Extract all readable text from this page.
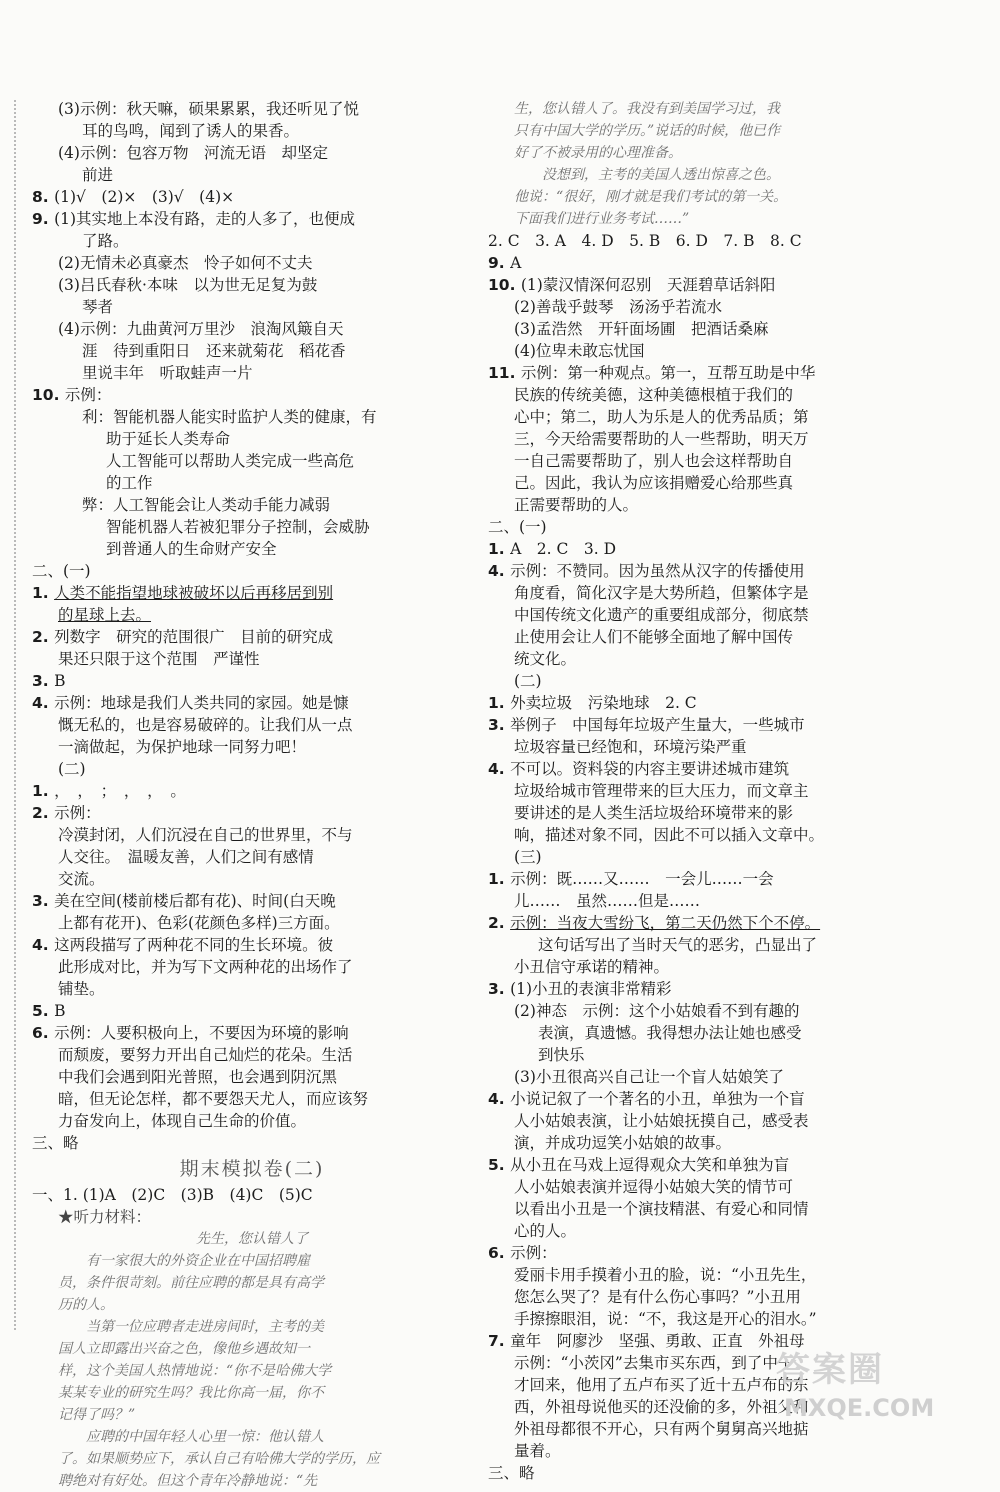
(3)示例：秋天嘛，硕果累累，我还听见了悦
耳的鸟鸣，闻到了诱人的果香。
(4)示例：包容万物　河流无语　却坚定
前进
8. (1)√　(2)×　(3)√　(4)×
9. (1)其实地上本没有路，走的人多了，也便成
了路。
(2)无情未必真豪杰　怜子如何不丈夫
(3)吕氏春秋·本味　以为世无足复为鼓
琴者
(4)示例：九曲黄河万里沙　浪淘风簸自天
涯　待到重阳日　还来就菊花　稻花香
里说丰年　听取蛙声一片
10. 示例：
利：智能机器人能实时监护人类的健康，有
助于延长人类寿命
人工智能可以帮助人类完成一些高危
的工作
弊：人工智能会让人类动手能力减弱
智能机器人若被犯罪分子控制，会威胁
到普通人的生命财产安全
二、(一)
1. 人类不能指望地球被破坏以后再移居到别
的星球上去。
2. 列数字　研究的范围很广　目前的研究成
果还只限于这个范围　严谨性
3. B
4. 示例：地球是我们人类共同的家园。她是慷
慨无私的，也是容易破碎的。让我们从一点
一滴做起，为保护地球一同努力吧！
(二)
1. ，　，　；　，　，　。
2. 示例：
冷漠封闭，人们沉浸在自己的世界里，不与
人交往。　温暖友善，人们之间有感情
交流。
3. 美在空间(楼前楼后都有花)、时间(白天晚
上都有花开)、色彩(花颜色多样)三方面。
4. 这两段描写了两种花不同的生长环境。彼
此形成对比，并为写下文两种花的出场作了
铺垫。
5. B
6. 示例：人要积极向上，不要因为环境的影响
而颓废，要努力开出自己灿烂的花朵。生活
中我们会遇到阳光普照，也会遇到阴沉黑
暗，但无论怎样，都不要怨天尤人，而应该努
力奋发向上，体现自己生命的价值。
三、略
期末模拟卷(二)
一、1. (1)A　(2)C　(3)B　(4)C　(5)C
★听力材料：
先生，您认错人了
　　有一家很大的外资企业在中国招聘雇
员，条件很苛刻。前往应聘的都是具有高学
历的人。
　　当第一位应聘者走进房间时，主考的美
国人立即露出兴奋之色，像他乡遇故知一
样，这个美国人热情地说：“你不是哈佛大学
某某专业的研究生吗？我比你高一届，你不
记得了吗？”
　　应聘的中国年轻人心里一惊：他认错人
了。如果顺势应下，承认自己有哈佛大学的学历，应
聘绝对有好处。但这个青年冷静地说：“先
生，您认错人了。我没有到美国学习过，我
只有中国大学的学历。”说话的时候，他已作
好了不被录用的心理准备。
　　没想到，主考的美国人透出惊喜之色。
他说：“很好，刚才就是我们考试的第一关。
下面我们进行业务考试……”
2. C　3. A　4. D　5. B　6. D　7. B　8. C
9. A
10. (1)蒙汉情深何忍别　天涯碧草话斜阳
(2)善哉乎鼓琴　汤汤乎若流水
(3)孟浩然　开轩面场圃　把酒话桑麻
(4)位卑未敢忘忧国
11. 示例：第一种观点。第一，互帮互助是中华
民族的传统美德，这种美德根植于我们的
心中；第二，助人为乐是人的优秀品质；第
三，今天给需要帮助的人一些帮助，明天万
一自己需要帮助了，别人也会这样帮助自
己。因此，我认为应该捐赠爱心给那些真
正需要帮助的人。
二、(一)
1. A　2. C　3. D
4. 示例：不赞同。因为虽然从汉字的传播使用
角度看，简化汉字是大势所趋，但繁体字是
中国传统文化遗产的重要组成部分，彻底禁
止使用会让人们不能够全面地了解中国传
统文化。
(二)
1. 外卖垃圾　污染地球　2. C
3. 举例子　中国每年垃圾产生量大，一些城市
垃圾容量已经饱和，环境污染严重
4. 不可以。资料袋的内容主要讲述城市建筑
垃圾给城市管理带来的巨大压力，而文章主
要讲述的是人类生活垃圾给环境带来的影
响，描述对象不同，因此不可以插入文章中。
(三)
1. 示例：既……又……　一会儿……一会
儿……　虽然……但是……
2. 示例：当夜大雪纷飞，第二天仍然下个不停。
这句话写出了当时天气的恶劣，凸显出了
小丑信守承诺的精神。
3. (1)小丑的表演非常精彩
(2)神态　示例：这个小姑娘看不到有趣的
表演，真遗憾。我得想办法让她也感受
到快乐
(3)小丑很高兴自己让一个盲人姑娘笑了
4. 小说记叙了一个著名的小丑，单独为一个盲
人小姑娘表演，让小姑娘抚摸自己，感受表
演，并成功逗笑小姑娘的故事。
5. 从小丑在马戏上逗得观众大笑和单独为盲
人小姑娘表演并逗得小姑娘大笑的情节可
以看出小丑是一个演技精湛、有爱心和同情
心的人。
6. 示例：
爱丽卡用手摸着小丑的脸，说：“小丑先生，
您怎么哭了？是有什么伤心事吗？”小丑用
手擦擦眼泪，说：“不，我这是开心的泪水。”
7. 童年　阿廖沙　坚强、勇敢、正直　外祖母
示例：“小茨冈”去集市买东西，到了中午
才回来，他用了五卢布买了近十五卢布的东
西，外祖母说他买的还没偷的多，外祖父和
外祖母都很不开心，只有两个舅舅高兴地掂
量着。
三、略
答案圈
MXQE.COM
